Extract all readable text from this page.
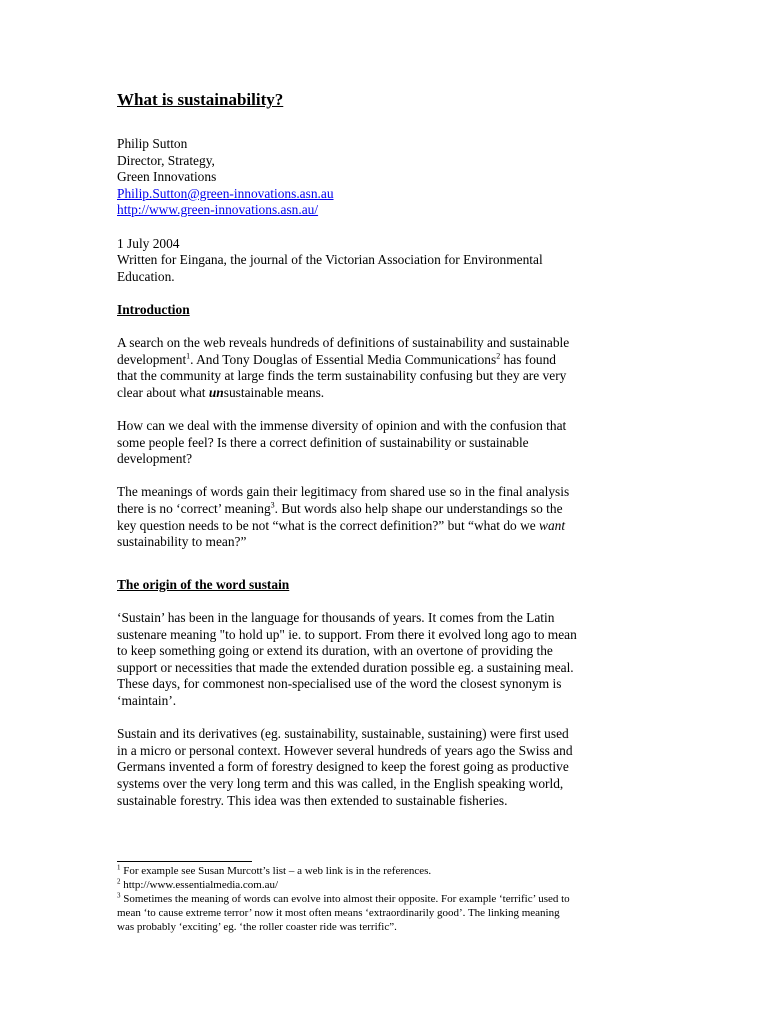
What is sustainability?
Philip Sutton
Director, Strategy,
Green Innovations
Philip.Sutton@green-innovations.asn.au
http://www.green-innovations.asn.au/
1 July 2004
Written for Eingana, the journal of the Victorian Association for Environmental
Education.

Introduction

A search on the web reveals hundreds of definitions of sustainability and sustainable
development$^1$. And Tony Douglas of Essential Media Communications$^2$ has found
that the community at large finds the term sustainability confusing but they are very
clear about what unsustainable means.

How can we deal with the immense diversity of opinion and with the confusion that
some people feel? Is there a correct definition of sustainability or sustainable
development?

The meanings of words gain their legitimacy from shared use so in the final analysis
there is no ‘correct’ meaning$^3$. But words also help shape our understandings so the
key question needs to be not “what is the correct definition?” but “what do we want
sustainability to mean?”

The origin of the word sustain

‘Sustain’ has been in the language for thousands of years. It comes from the Latin
sustenare meaning "to hold up" ie. to support. From there it evolved long ago to mean
to keep something going or extend its duration, with an overtone of providing the
support or necessities that made the extended duration possible eg. a sustaining meal.
These days, for commonest non-specialised use of the word the closest synonym is
‘maintain’.

Sustain and its derivatives (eg. sustainability, sustainable, sustaining) were first used
in a micro or personal context. However several hundreds of years ago the Swiss and
Germans invented a form of forestry designed to keep the forest going as productive
systems over the very long term and this was called, in the English speaking world,
sustainable forestry. This idea was then extended to sustainable fisheries.

$^1$ For example see Susan Murcott’s list – a web link is in the references.
$^2$ http://www.essentialmedia.com.au/
$^3$ Sometimes the meaning of words can evolve into almost their opposite. For example ‘terrific’ used to
mean ‘to cause extreme terror’ now it most often means ‘extraordinarily good’. The linking meaning
was probably ‘exciting’ eg. ‘the roller coaster ride was terrific”.
